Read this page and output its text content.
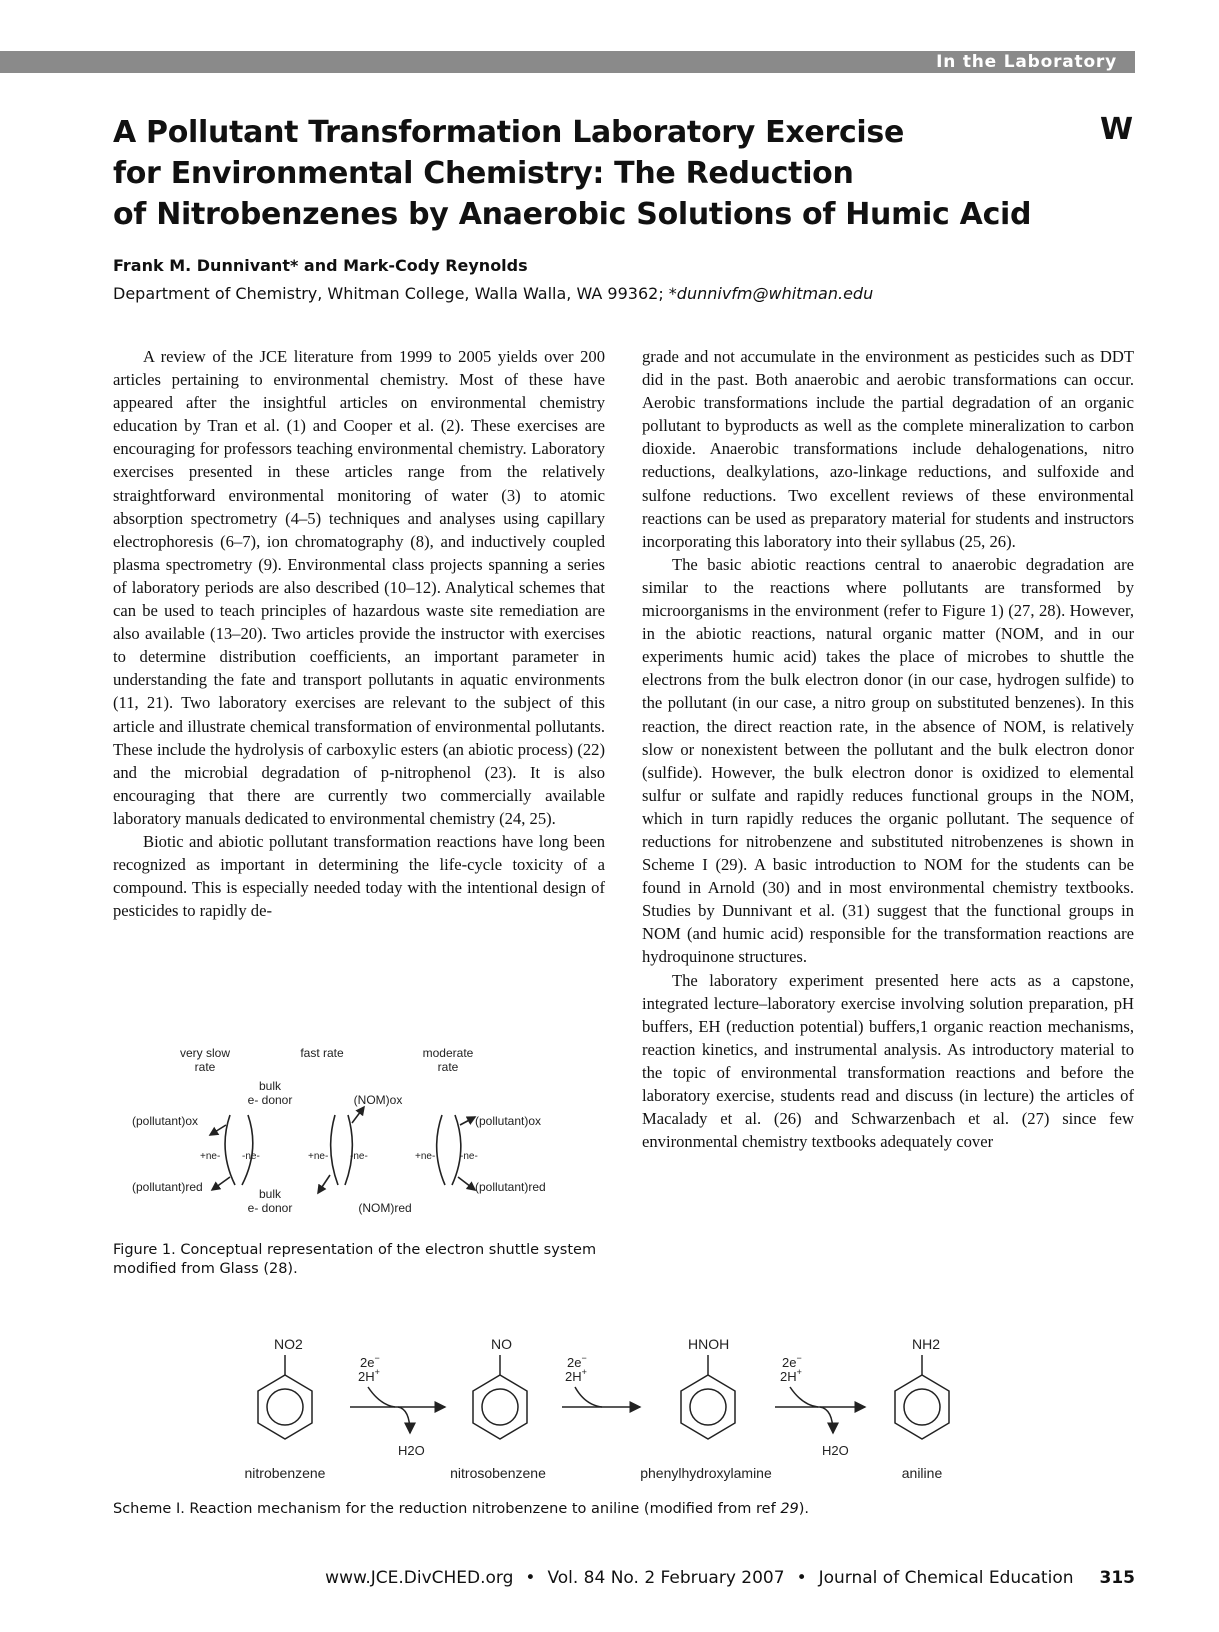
In the Laboratory
W
A Pollutant Transformation Laboratory Exercise
for Environmental Chemistry: The Reduction
of Nitrobenzenes by Anaerobic Solutions of Humic Acid
Frank M. Dunnivant* and Mark-Cody Reynolds
Department of Chemistry, Whitman College, Walla Walla, WA 99362; *dunnivfm@whitman.edu

A review of the JCE literature from 1999 to 2005 yields over 200 articles pertaining to environmental chemistry. Most of these have appeared after the insightful articles on environmental chemistry education by Tran et al. (1) and Cooper et al. (2). These exercises are encouraging for professors teaching environmental chemistry. Laboratory exercises presented in these articles range from the relatively straightforward environmental monitoring of water (3) to atomic absorption spectrometry (4–5) techniques and analyses using capillary electrophoresis (6–7), ion chromatography (8), and inductively coupled plasma spectrometry (9). Environmental class projects spanning a series of laboratory periods are also described (10–12). Analytical schemes that can be used to teach principles of hazardous waste site remediation are also available (13–20). Two articles provide the instructor with exercises to determine distribution coefficients, an important parameter in understanding the fate and transport pollutants in aquatic environments (11, 21). Two laboratory exercises are relevant to the subject of this article and illustrate chemical transformation of environmental pollutants. These include the hydrolysis of carboxylic esters (an abiotic process) (22) and the microbial degradation of p-nitrophenol (23). It is also encouraging that there are currently two commercially available laboratory manuals dedicated to environmental chemistry (24, 25).

Biotic and abiotic pollutant transformation reactions have long been recognized as important in determining the life-cycle toxicity of a compound. This is especially needed today with the intentional design of pesticides to rapidly de-

grade and not accumulate in the environment as pesticides such as DDT did in the past. Both anaerobic and aerobic transformations can occur. Aerobic transformations include the partial degradation of an organic pollutant to byproducts as well as the complete mineralization to carbon dioxide. Anaerobic transformations include dehalogenations, nitro reductions, dealkylations, azo-linkage reductions, and sulfoxide and sulfone reductions. Two excellent reviews of these environmental reactions can be used as preparatory material for students and instructors incorporating this laboratory into their syllabus (25, 26).

The basic abiotic reactions central to anaerobic degradation are similar to the reactions where pollutants are transformed by microorganisms in the environment (refer to Figure 1) (27, 28). However, in the abiotic reactions, natural organic matter (NOM, and in our experiments humic acid) takes the place of microbes to shuttle the electrons from the bulk electron donor (in our case, hydrogen sulfide) to the pollutant (in our case, a nitro group on substituted benzenes). In this reaction, the direct reaction rate, in the absence of NOM, is relatively slow or nonexistent between the pollutant and the bulk electron donor (sulfide). However, the bulk electron donor is oxidized to elemental sulfur or sulfate and rapidly reduces functional groups in the NOM, which in turn rapidly reduces the organic pollutant. The sequence of reductions for nitrobenzene and substituted nitrobenzenes is shown in Scheme I (29). A basic introduction to NOM for the students can be found in Arnold (30) and in most environmental chemistry textbooks. Studies by Dunnivant et al. (31) suggest that the functional groups in NOM (and humic acid) responsible for the transformation reactions are hydroquinone structures.

The laboratory experiment presented here acts as a capstone, integrated lecture–laboratory exercise involving solution preparation, pH buffers, EH (reduction potential) buffers,1 organic reaction mechanisms, reaction kinetics, and instrumental analysis. As introductory material to the topic of environmental transformation reactions and before the laboratory exercise, students read and discuss (in lecture) the articles of Macalady et al. (26) and Schwarzenbach et al. (27) since few environmental chemistry textbooks adequately cover

very slow
rate
fast rate	moderate
rate
bulk
e- donor	(NOM)ox
(pollutant)ox	(pollutant)ox
(pollutant)red	(pollutant)red
bulk
e- donor	(NOM)red
+ne- -ne-	+ne- -ne-	+ne- -ne-
Figure 1. Conceptual representation of the electron shuttle system modified from Glass (28).
NO2	NO	HNOH	NH2
2e−
2H+
2e−
2H+
2e−
2H+
H2O	H2O
nitrobenzene	nitrosobenzene	phenylhydroxylamine	aniline
Scheme I. Reaction mechanism for the reduction nitrobenzene to aniline (modified from ref 29).
www.JCE.DivCHED.org • Vol. 84 No. 2 February 2007 • Journal of Chemical Education 315
